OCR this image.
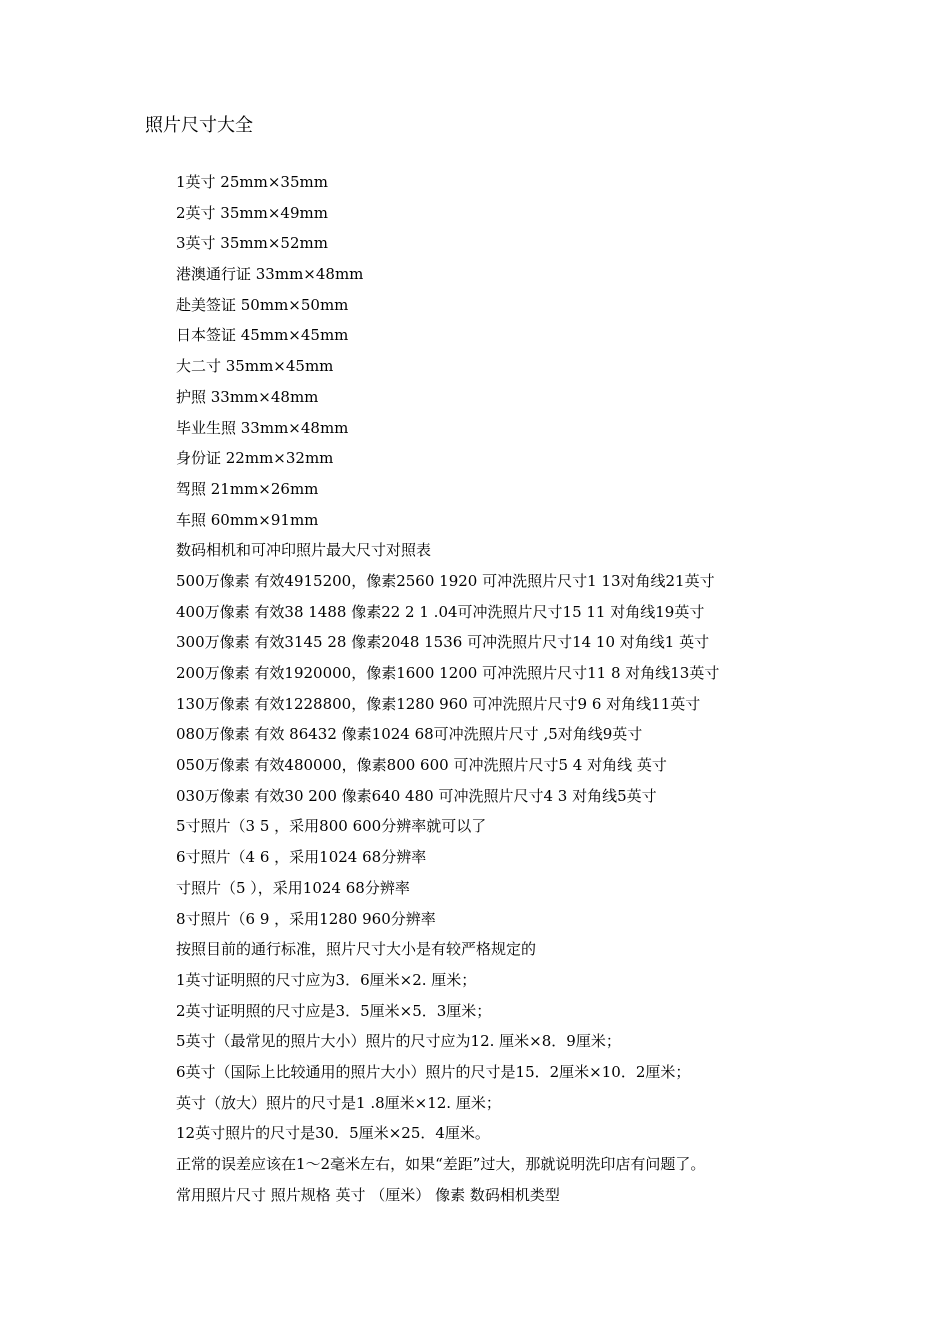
照片尺寸大全
1英寸 25mm×35mm
2英寸 35mm×49mm
3英寸 35mm×52mm
港澳通行证 33mm×48mm
赴美签证 50mm×50mm
日本签证 45mm×45mm
大二寸 35mm×45mm
护照 33mm×48mm
毕业生照 33mm×48mm
身份证 22mm×32mm
驾照 21mm×26mm
车照 60mm×91mm
数码相机和可冲印照片最大尺寸对照表
500万像素 有效4915200，像素2560 1920 可冲洗照片尺寸1 13对角线21英寸
400万像素 有效38 1488 像素22 2 1 .04可冲洗照片尺寸15 11 对角线19英寸
300万像素 有效3145 28 像素2048 1536 可冲洗照片尺寸14 10 对角线1 英寸
200万像素 有效1920000，像素1600 1200 可冲洗照片尺寸11 8 对角线13英寸
130万像素 有效1228800，像素1280 960 可冲洗照片尺寸9 6 对角线11英寸
080万像素 有效 86432 像素1024 68可冲洗照片尺寸 ,5对角线9英寸
050万像素 有效480000，像素800 600 可冲洗照片尺寸5 4 对角线 英寸
030万像素 有效30 200 像素640 480 可冲洗照片尺寸4 3 对角线5英寸
5寸照片（3 5 ，采用800 600分辨率就可以了
6寸照片（4 6 ，采用1024 68分辨率
寸照片（5 ），采用1024 68分辨率
8寸照片（6 9 ，采用1280 960分辨率
按照目前的通行标准，照片尺寸大小是有较严格规定的
1英寸证明照的尺寸应为3．6厘米×2. 厘米；
2英寸证明照的尺寸应是3．5厘米×5．3厘米；
5英寸（最常见的照片大小）照片的尺寸应为12. 厘米×8．9厘米；
6英寸（国际上比较通用的照片大小）照片的尺寸是15．2厘米×10．2厘米；
英寸（放大）照片的尺寸是1 .8厘米×12. 厘米；
12英寸照片的尺寸是30．5厘米×25．4厘米。
正常的误差应该在1～2毫米左右，如果“差距”过大，那就说明洗印店有问题了。
常用照片尺寸 照片规格 英寸 （厘米） 像素 数码相机类型
